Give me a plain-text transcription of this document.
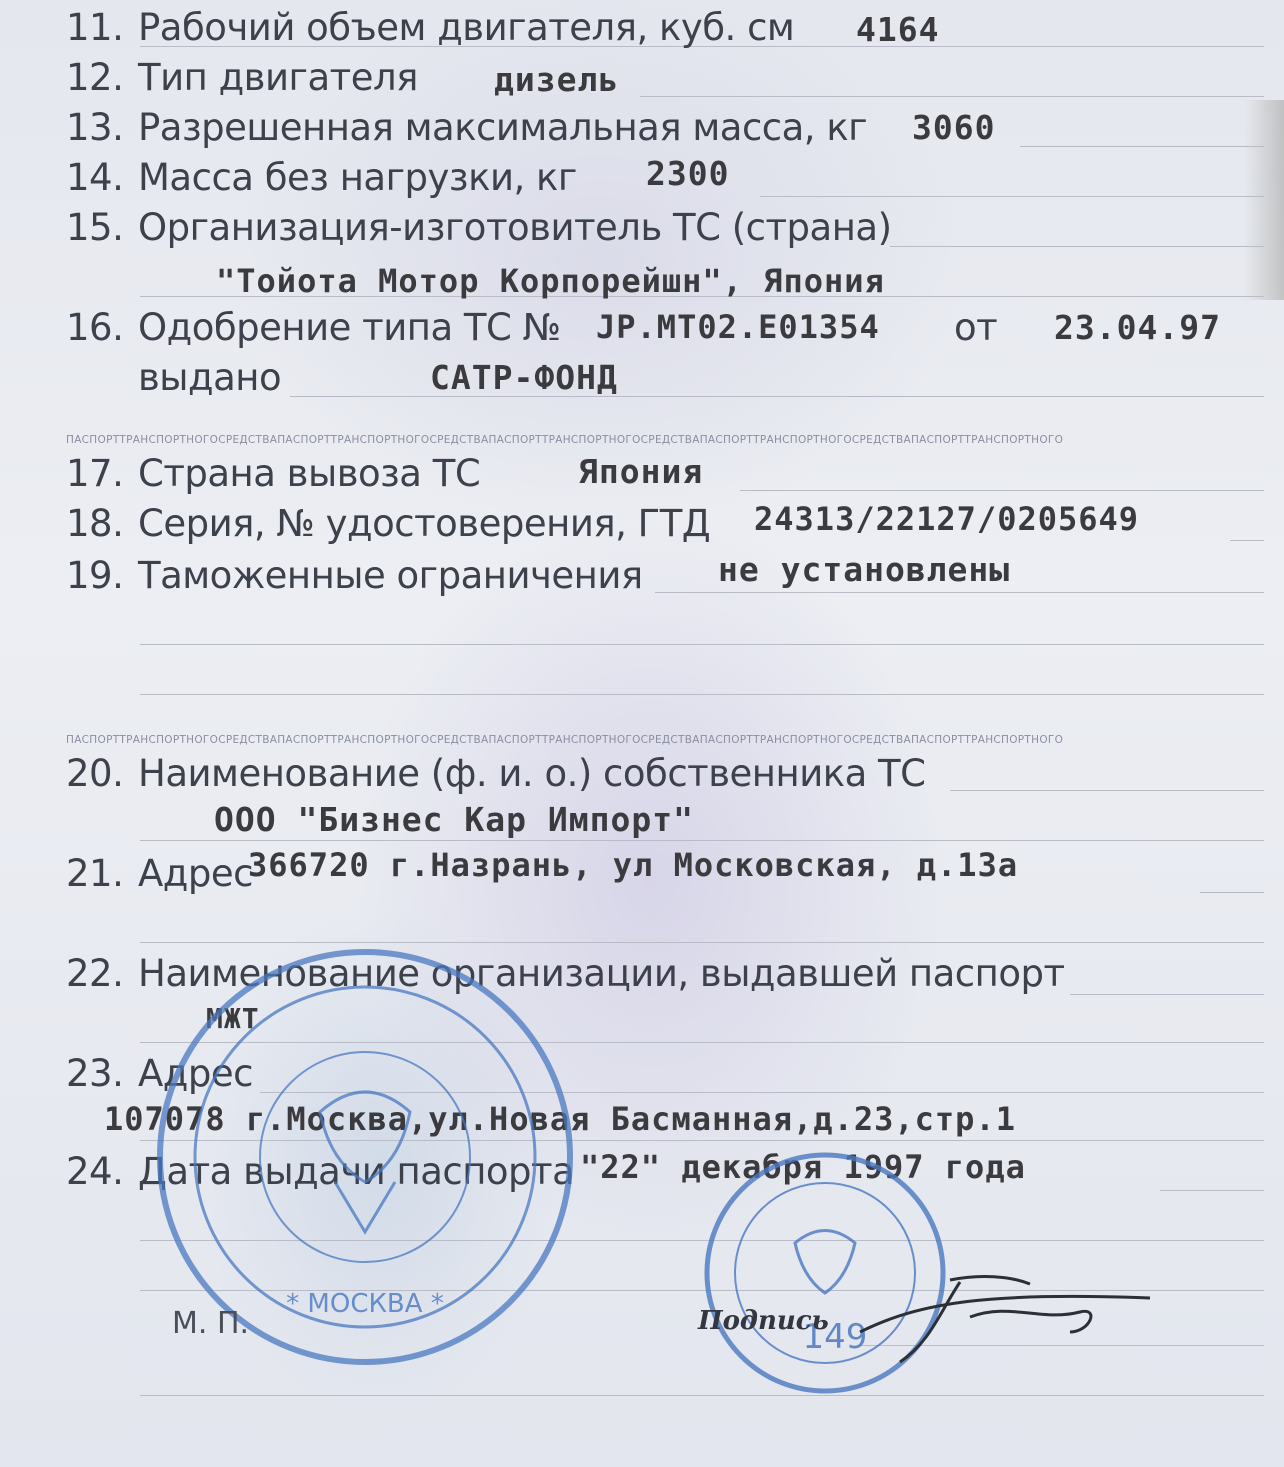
11. Рабочий объем двигателя, куб. см 4164
12. Тип двигателя дизель
13. Разрешенная максимальная масса, кг 3060
14. Масса без нагрузки, кг 2300
15. Организация-изготовитель ТС (страна)
"Тойота Мотор Корпорейшн", Япония
16. Одобрение типа ТС № JP.MT02.E01354 от 23.04.97
выдано	САТР-ФОНД
ПАСПОРТТРАНСПОРТНОГОСРЕДСТВАПАСПОРТТРАНСПОРТНОГОСРЕДСТВАПАСПОРТТРАНСПОРТНОГОСРЕДСТВАПАСПОРТТРАНСПОРТНОГОСРЕДСТВАПАСПОРТТРАНСПОРТНОГО
17. Страна вывоза ТС	Япония
18. Серия, № удостоверения, ГТД 24313/22127/0205649
19. Таможенные ограничения не установлены
ПАСПОРТТРАНСПОРТНОГОСРЕДСТВАПАСПОРТТРАНСПОРТНОГОСРЕДСТВАПАСПОРТТРАНСПОРТНОГОСРЕДСТВАПАСПОРТТРАНСПОРТНОГОСРЕДСТВАПАСПОРТТРАНСПОРТНОГО
20. Наименование (ф. и. о.) собственника ТС
ООО "Бизнес Кар Импорт"
21. Адрес
366720 г.Назрань, ул Московская, д.13а
22. Наименование организации, выдавшей паспорт
МЖТ
23. Адрес
107078 г.Москва,ул.Новая Басманная,д.23,стр.1
24. Дата выдачи паспорта "22" декабря 1997 года
* МОСКВА *
149
М. П.	Подпись
